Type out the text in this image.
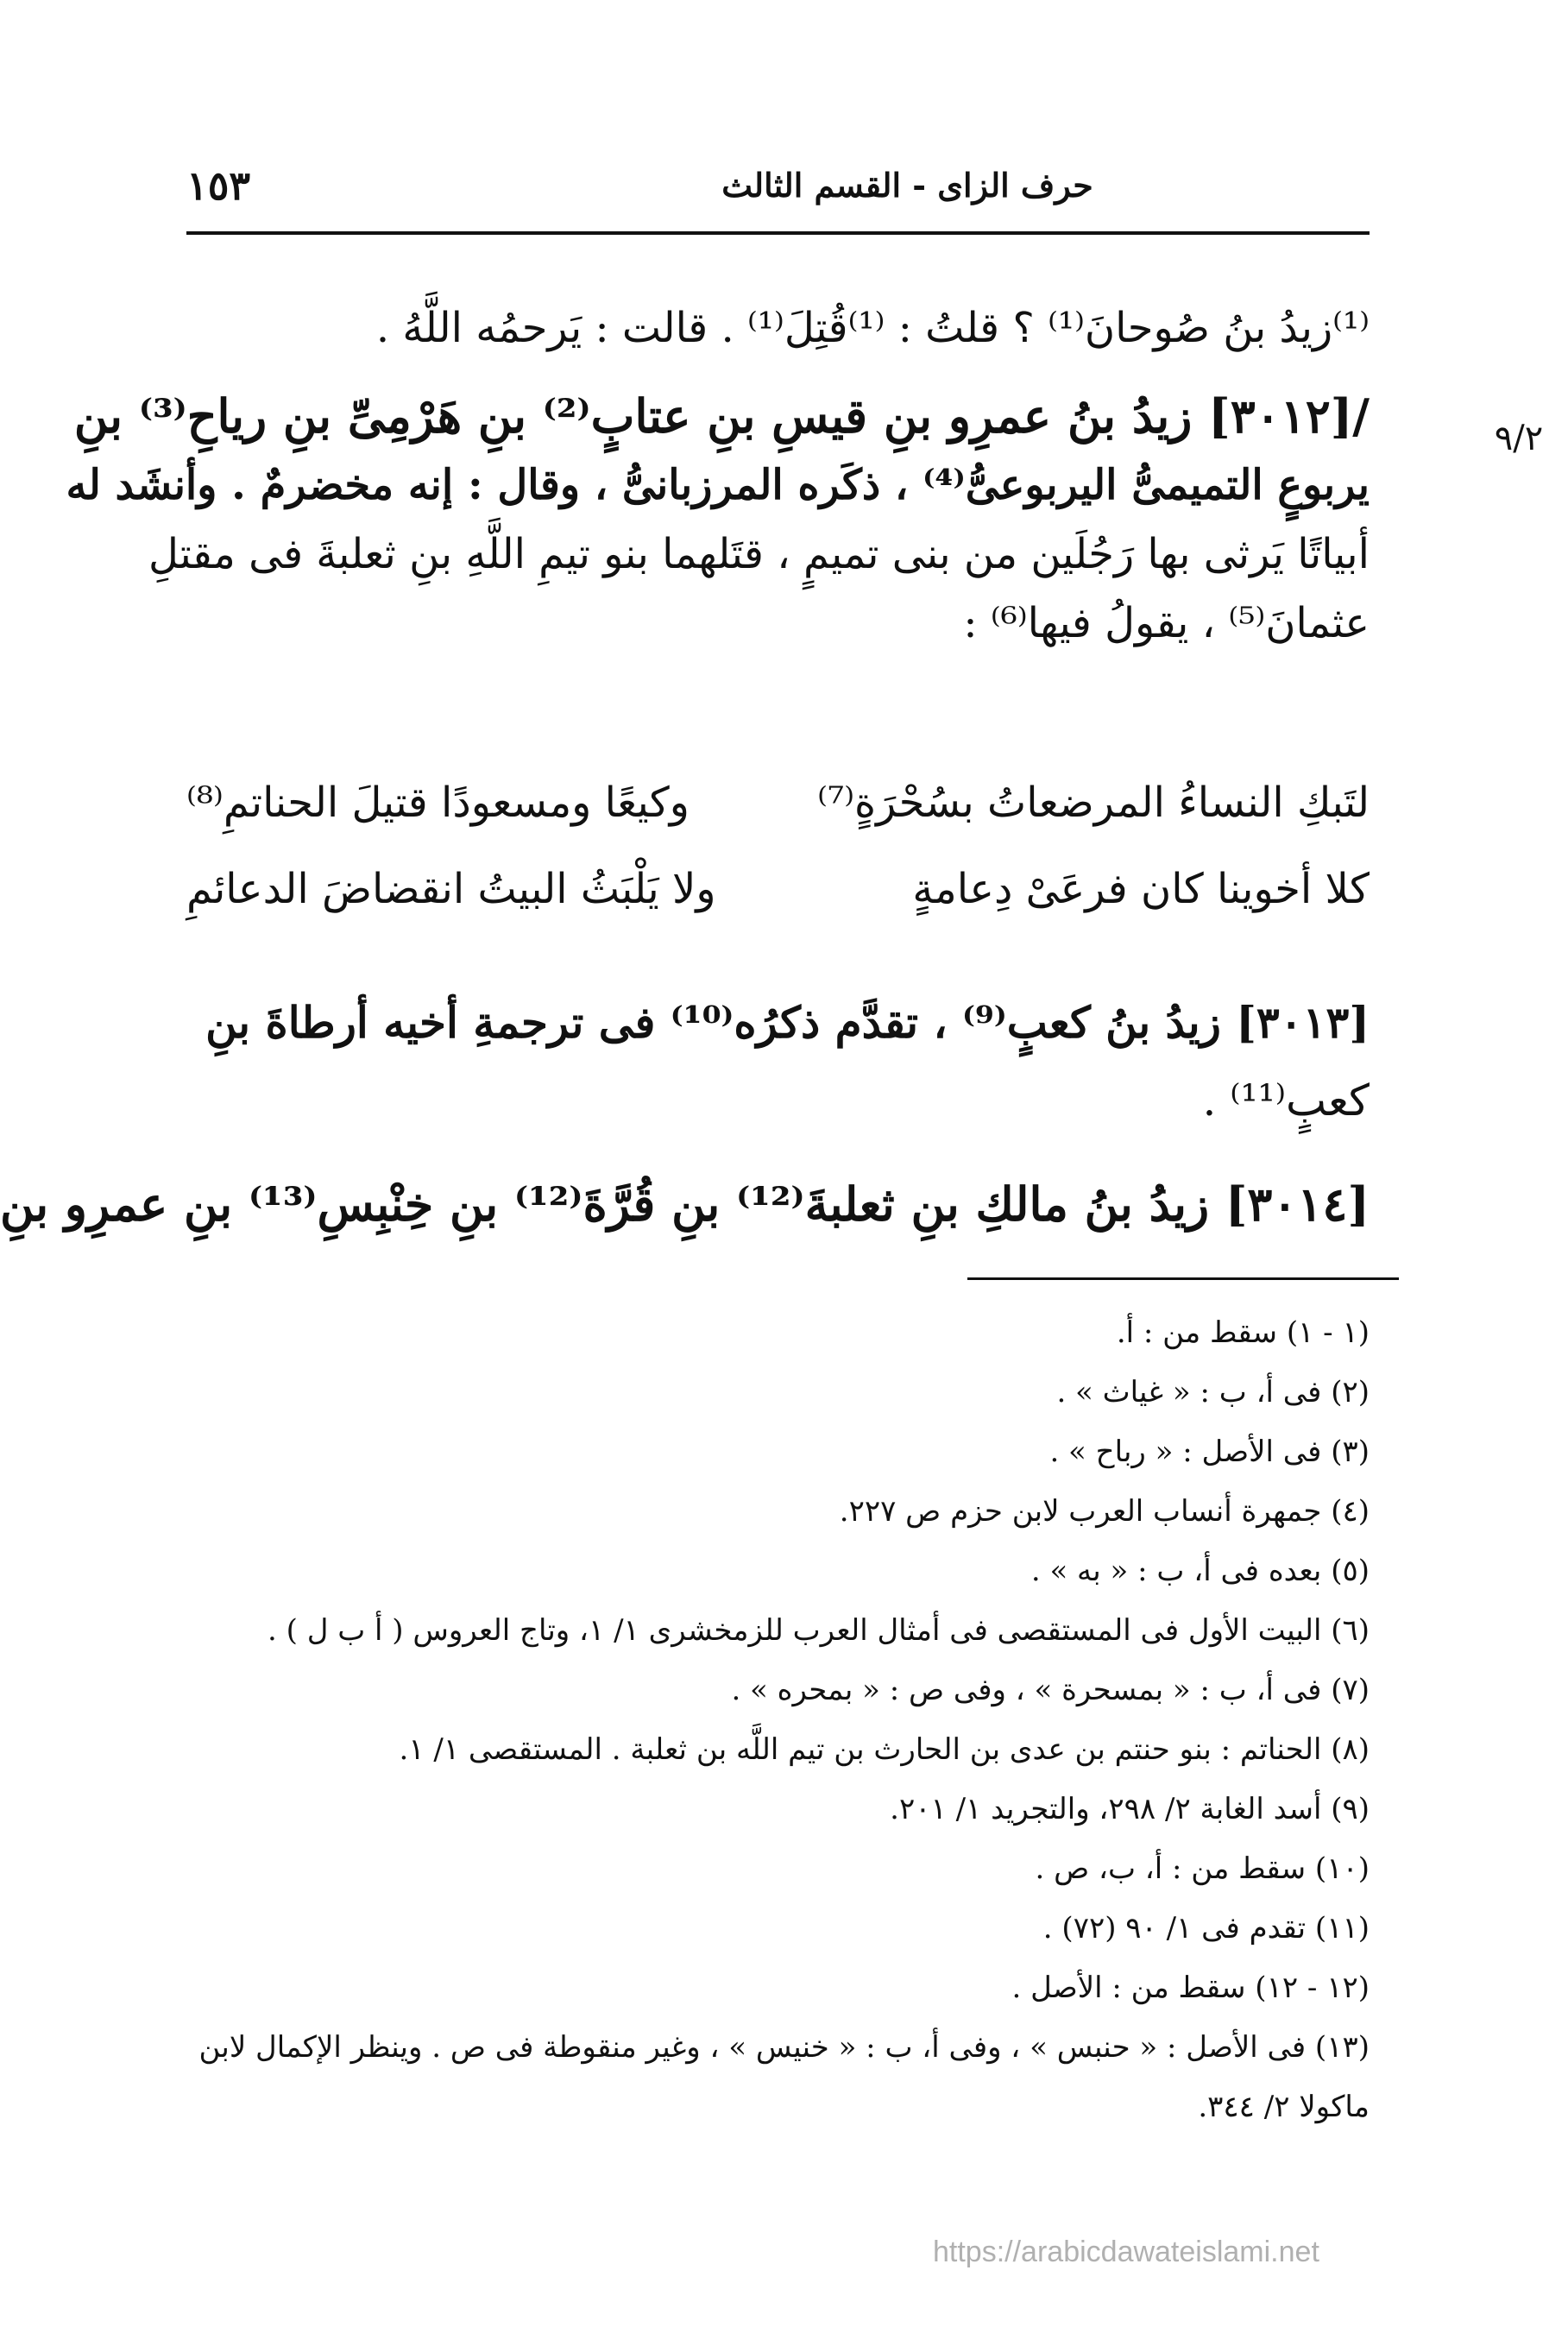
١٥٣	حرف الزاى - القسم الثالث
٩/٢
⁽¹⁾زيدُ بنُ صُوحانَ⁽¹⁾ ؟ قلتُ : ⁽¹⁾قُتِلَ⁽¹⁾ . قالت : يَرحمُه اللَّهُ .
/[٣٠١٢] زيدُ بنُ عمرِو بنِ قيسِ بنِ عتابٍ⁽²⁾ بنِ هَرْمِىِّ بنِ رياحِ⁽³⁾ بنِ
يربوعٍ التميمىُّ اليربوعىُّ⁽⁴⁾ ، ذكَره المرزبانىُّ ، وقال : إنه مخضرمٌ . وأنشَد له
أبياتًا يَرثى بها رَجُلَين من بنى تميمٍ ، قتَلهما بنو تيمِ اللَّهِ بنِ ثعلبةَ فى مقتلِ
عثمانَ⁽⁵⁾ ، يقولُ فيها⁽⁶⁾ :
لتَبكِ النساءُ المرضعاتُ بسُحْرَةٍ⁽⁷⁾
وكيعًا ومسعودًا قتيلَ الحناتمِ⁽⁸⁾
كلا أخوينا كان فرعَىْ دِعامةٍ
ولا يَلْبَثُ البيتُ انقضاضَ الدعائمِ
[٣٠١٣] زيدُ بنُ كعبٍ⁽⁹⁾ ، تقدَّم ذكرُه⁽¹⁰⁾ فى ترجمةِ أخيه أرطاةَ بنِ
كعبٍ⁽¹¹⁾ .
[٣٠١٤] زيدُ بنُ مالكِ بنِ ثعلبةَ⁽¹²⁾ بنِ قُرَّةَ⁽¹²⁾ بنِ خِنْبِسِ⁽¹³⁾ بنِ عمرِو بنِ
(١ - ١) سقط من : أ.
(٢) فى أ، ب : « غياث » .
(٣) فى الأصل : « رباح » .
(٤) جمهرة أنساب العرب لابن حزم ص ٢٢٧.
(٥) بعده فى أ، ب : « به » .
(٦) البيت الأول فى المستقصى فى أمثال العرب للزمخشرى ١/ ١، وتاج العروس ( أ ب ل ) .
(٧) فى أ، ب : « بمسحرة » ، وفى ص : « بمحره » .
(٨) الحناتم : بنو حنتم بن عدى بن الحارث بن تيم اللَّه بن ثعلبة . المستقصى ١/ ١.
(٩) أسد الغابة ٢/ ٢٩٨، والتجريد ١/ ٢٠١.
(١٠) سقط من : أ، ب، ص .
(١١) تقدم فى ١/ ٩٠ (٧٢) .
(١٢ - ١٢) سقط من : الأصل .
(١٣) فى الأصل : « حنبس » ، وفى أ، ب : « خنيس » ، وغير منقوطة فى ص . وينظر الإكمال لابن
ماكولا ٢/ ٣٤٤.
https://arabicdawateislami.net
